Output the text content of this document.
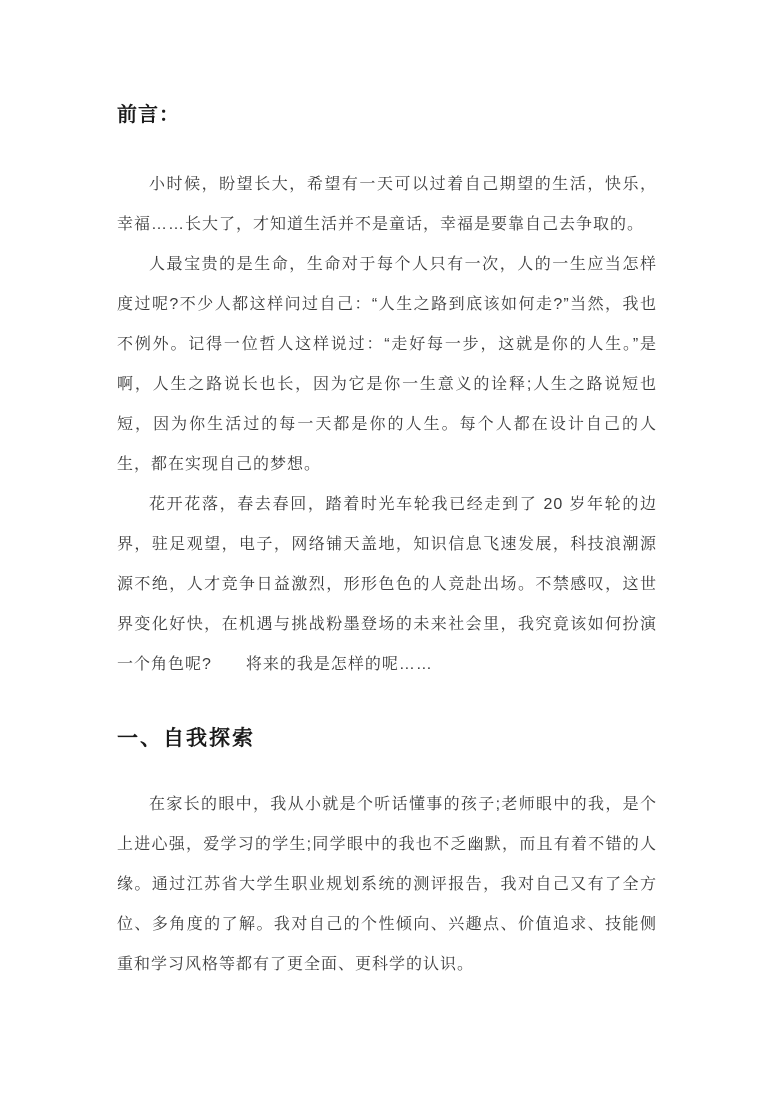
前言：

小时候，盼望长大，希望有一天可以过着自己期望的生活，快乐，幸福……长大了，才知道生活并不是童话，幸福是要靠自己去争取的。

人最宝贵的是生命，生命对于每个人只有一次，人的一生应当怎样度过呢?不少人都这样问过自己：“人生之路到底该如何走?”当然，我也不例外。记得一位哲人这样说过：“走好每一步，这就是你的人生。”是啊，人生之路说长也长，因为它是你一生意义的诠释;人生之路说短也短，因为你生活过的每一天都是你的人生。每个人都在设计自己的人生，都在实现自己的梦想。

花开花落，春去春回，踏着时光车轮我已经走到了 20 岁年轮的边界，驻足观望，电子，网络铺天盖地，知识信息飞速发展，科技浪潮源源不绝，人才竞争日益激烈，形形色色的人竞赴出场。不禁感叹，这世界变化好快，在机遇与挑战粉墨登场的未来社会里，我究竟该如何扮演一个角色呢?　　将来的我是怎样的呢……

一、自我探索

在家长的眼中，我从小就是个听话懂事的孩子;老师眼中的我，是个上进心强，爱学习的学生;同学眼中的我也不乏幽默，而且有着不错的人缘。通过江苏省大学生职业规划系统的测评报告，我对自己又有了全方位、多角度的了解。我对自己的个性倾向、兴趣点、价值追求、技能侧重和学习风格等都有了更全面、更科学的认识。
